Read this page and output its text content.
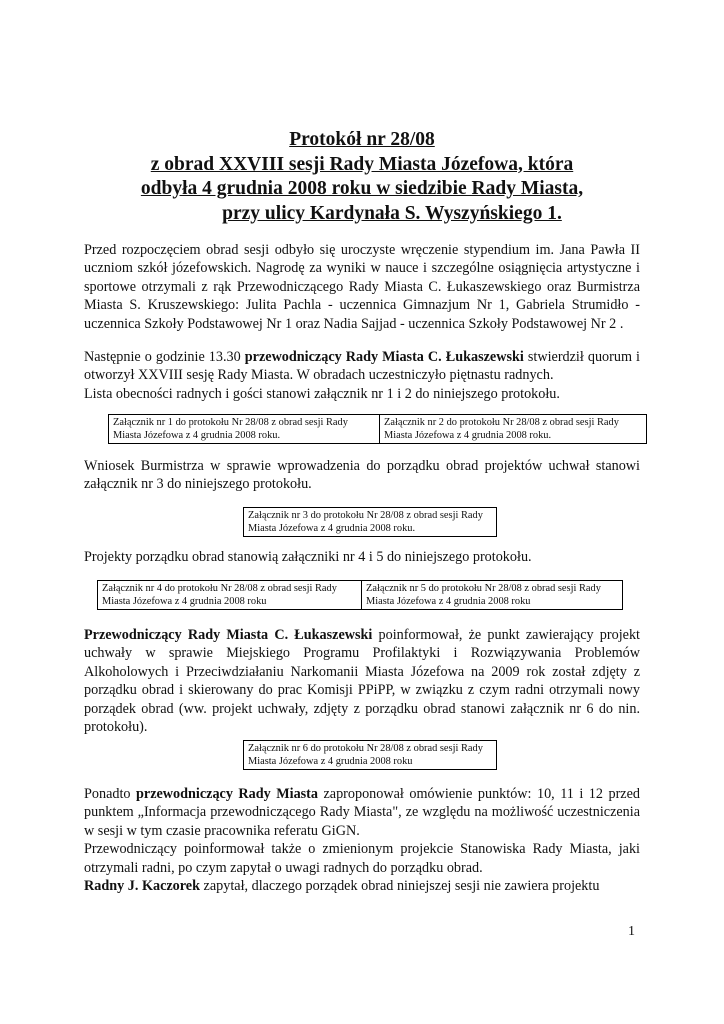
Protokół nr 28/08
z obrad XXVIII sesji Rady Miasta Józefowa, która
odbyła 4 grudnia 2008 roku w siedzibie Rady Miasta,
przy ulicy Kardynała S. Wyszyńskiego 1.
Przed rozpoczęciem obrad sesji odbyło się uroczyste wręczenie stypendium im. Jana Pawła II uczniom szkół józefowskich. Nagrodę za wyniki w nauce i szczególne osiągnięcia artystyczne i sportowe otrzymali z rąk Przewodniczącego Rady Miasta C. Łukaszewskiego oraz Burmistrza Miasta S. Kruszewskiego: Julita Pachla - uczennica Gimnazjum Nr 1, Gabriela Strumidło - uczennica Szkoły Podstawowej Nr 1 oraz Nadia Sajjad - uczennica Szkoły Podstawowej Nr 2 .
Następnie o godzinie 13.30 przewodniczący Rady Miasta C. Łukaszewski stwierdził quorum i otworzył XXVIII sesję Rady Miasta. W obradach uczestniczyło piętnastu radnych.
Lista obecności radnych i gości stanowi załącznik nr 1 i 2 do niniejszego protokołu.
Załącznik nr 1 do protokołu Nr 28/08 z obrad sesji Rady Miasta Józefowa z 4 grudnia 2008 roku.
Załącznik nr 2 do protokołu Nr 28/08 z obrad sesji Rady Miasta Józefowa z 4 grudnia 2008 roku.
Wniosek Burmistrza w sprawie wprowadzenia do porządku obrad projektów uchwał stanowi załącznik nr 3 do niniejszego protokołu.
Załącznik nr 3 do protokołu Nr 28/08 z obrad sesji Rady Miasta Józefowa z 4 grudnia 2008 roku.
Projekty porządku obrad stanowią załączniki nr 4 i 5 do niniejszego protokołu.
Załącznik nr 4 do protokołu Nr 28/08 z obrad sesji Rady Miasta Józefowa z 4 grudnia 2008 roku
Załącznik nr 5 do protokołu Nr 28/08 z obrad sesji Rady Miasta Józefowa z 4 grudnia 2008 roku
Przewodniczący Rady Miasta C. Łukaszewski poinformował, że punkt zawierający projekt uchwały w sprawie Miejskiego Programu Profilaktyki i Rozwiązywania Problemów Alkoholowych i Przeciwdziałaniu Narkomanii Miasta Józefowa na 2009 rok został zdjęty z porządku obrad i skierowany do prac Komisji PPiPP, w związku z czym radni otrzymali nowy porządek obrad (ww. projekt uchwały, zdjęty z porządku obrad stanowi załącznik nr 6 do nin. protokołu).
Załącznik nr 6 do protokołu Nr 28/08 z obrad sesji Rady Miasta Józefowa z 4 grudnia 2008 roku
Ponadto przewodniczący Rady Miasta zaproponował omówienie punktów: 10, 11 i 12 przed punktem „Informacja przewodniczącego Rady Miasta", ze względu na możliwość uczestniczenia w sesji w tym czasie pracownika referatu GiGN.
Przewodniczący poinformował także o zmienionym projekcie Stanowiska Rady Miasta, jaki otrzymali radni, po czym zapytał o uwagi radnych do porządku obrad.
Radny J. Kaczorek zapytał, dlaczego porządek obrad niniejszej sesji nie zawiera projektu
1
